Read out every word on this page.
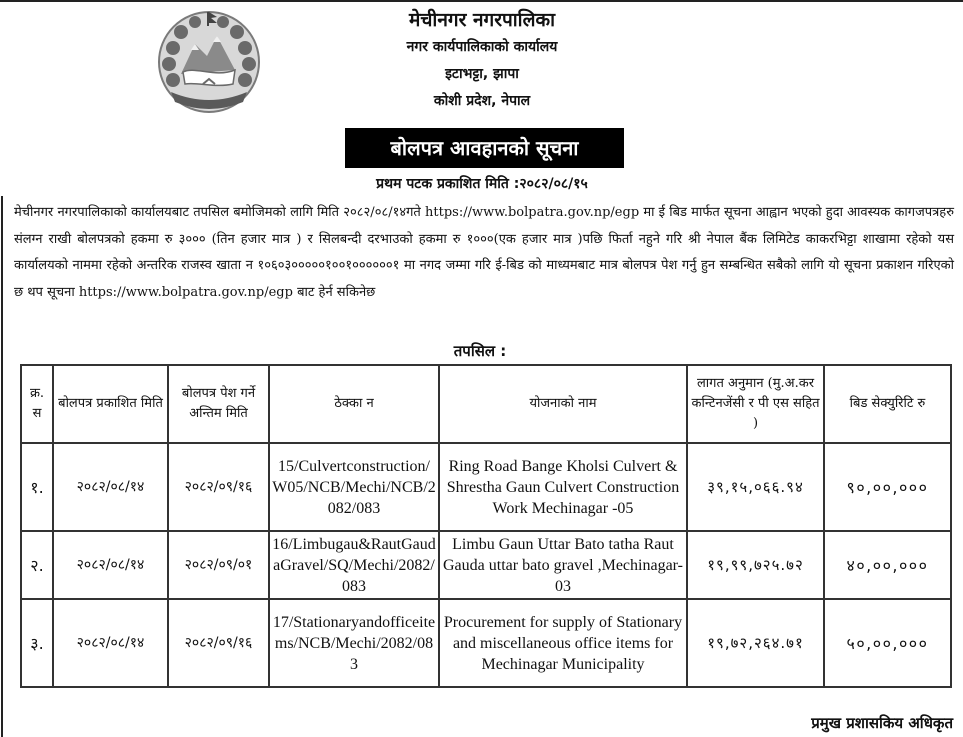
मेचीनगर नगरपालिका
नगर कार्यपालिकाको कार्यालय
इटाभट्टा, झापा
कोशी प्रदेश, नेपाल
बोलपत्र आवहानको सूचना
प्रथम पटक प्रकाशित मिति :२०८२/०८/१५

मेचीनगर नगरपालिकाको कार्यालयबाट तपसिल बमोजिमको लागि मिति २०८२/०८/१४गते https://www.bolpatra.gov.np/egp मा ई बिड मार्फत सूचना आह्वान भएको हुदा आवस्यक कागजपत्रहरु संलग्न राखी बोलपत्रको हकमा रु ३००० (तिन हजार मात्र ) र सिलबन्दी दरभाउको हकमा रु १०००(एक हजार मात्र )पछि फिर्ता नहुने गरि श्री नेपाल बैंक लिमिटेड काकरभिट्टा शाखामा रहेको यस कार्यालयको नाममा रहेको अन्तरिक राजस्व खाता न १०६०३०००००१००१००००००१ मा नगद जम्मा गरि ई-बिड को माध्यमबाट मात्र बोलपत्र पेश गर्नु हुन सम्बन्धित सबैको लागि यो सूचना प्रकाशन गरिएको छ थप सूचना https://www.bolpatra.gov.np/egp बाट हेर्न सकिनेछ

तपसिल :
क्र. स	बोलपत्र प्रकाशित मिति	बोलपत्र पेश गर्ने अन्तिम मिति	ठेक्का न	योजनाको नाम	लागत अनुमान (मु.अ.कर कन्टिनजेंसी र पी एस सहित )	बिड सेक्युरिटि रु
१.	२०८२/०८/१४	२०८२/०९/१६	15/Culvertconstruction/W05/NCB/Mechi/NCB/2082/083	Ring Road Bange Kholsi Culvert & Shrestha Gaun Culvert Construction Work Mechinagar -05	३९,१५,०६६.९४	९०,००,०००
२.	२०८२/०८/१४	२०८२/०९/०१	16/Limbugau&RautGaudaGravel/SQ/Mechi/2082/083	Limbu Gaun Uttar Bato tatha Raut Gauda uttar bato gravel ,Mechinagar-03	१९,९९,७२५.७२	४०,००,०००
३.	२०८२/०८/१४	२०८२/०९/१६	17/Stationaryandofficeitems/NCB/Mechi/2082/083	Procurement for supply of Stationary and miscellaneous office items for Mechinagar Municipality	१९,७२,२६४.७१	५०,००,०००
प्रमुख प्रशासकिय अधिकृत
